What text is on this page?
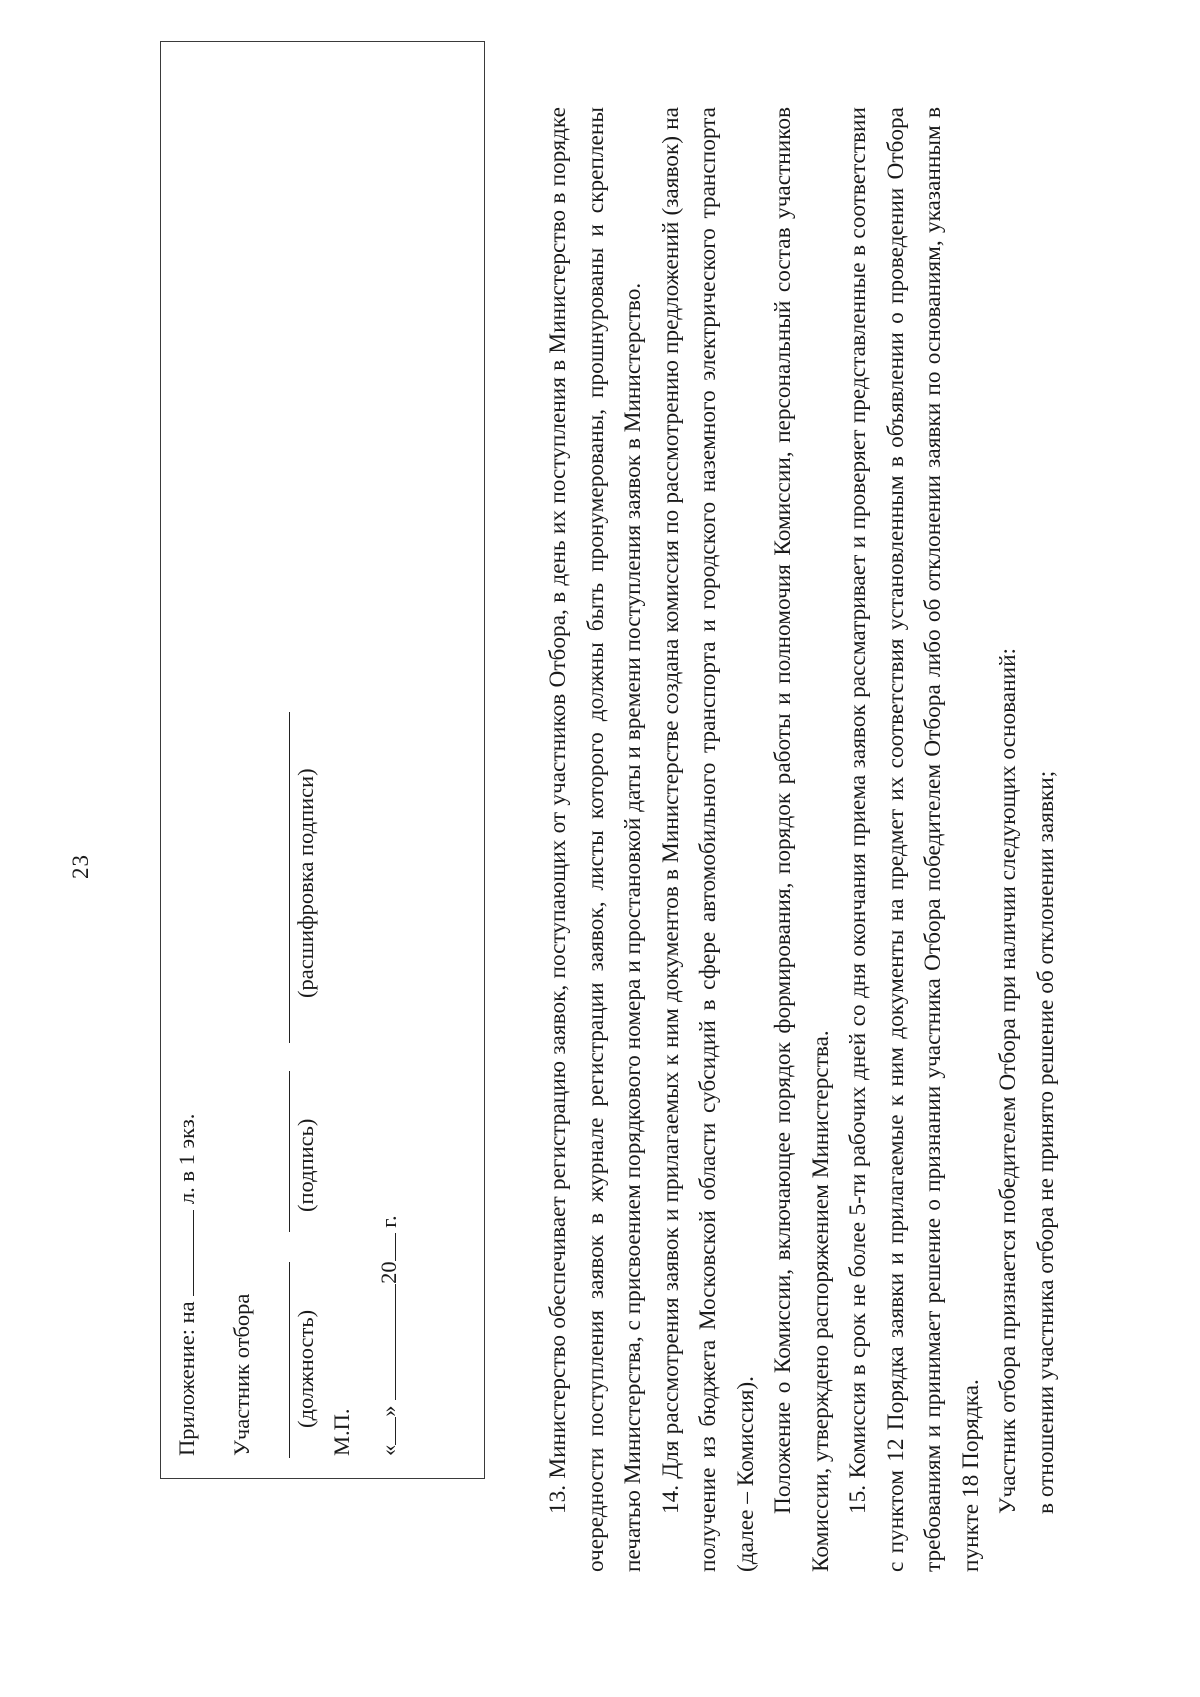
23
Приложение: на  л. в 1 экз.
Участник отбора (должность)
(подпись)
(расшифровка подписи)
М.П. «» 20 г.	13. Министерство обеспечивает регистрацию заявок, поступающих от участников Отбора, в день их поступления в Министерство в порядке очередности поступления заявок в журнале регистрации заявок, листы которого должны быть пронумерованы, прошнурованы и скреплены печатью Министерства, с присвоением порядкового номера и простановкой даты и времени поступления заявок в Министерство. 14. Для рассмотрения заявок и прилагаемых к ним документов в Министерстве создана комиссия по рассмотрению предложений (заявок) на получение из бюджета Московской области субсидий в сфере автомобильного транспорта и городского наземного электрического транспорта (далее – Комиссия). Положение о Комиссии, включающее порядок формирования, порядок работы и полномочия Комиссии, персональный состав участников Комиссии, утверждено распоряжением Министерства. 15. Комиссия в срок не более 5-ти рабочих дней со дня окончания приема заявок рассматривает и проверяет представленные в соответствии с пунктом 12 Порядка заявки и прилагаемые к ним документы на предмет их соответствия установленным в объявлении о проведении Отбора требованиям и принимает решение о признании участника Отбора победителем Отбора либо об отклонении заявки по основаниям, указанным в пункте 18 Порядка. Участник отбора признается победителем Отбора при наличии следующих оснований: в отношении участника отбора не принято решение об отклонении заявки;
